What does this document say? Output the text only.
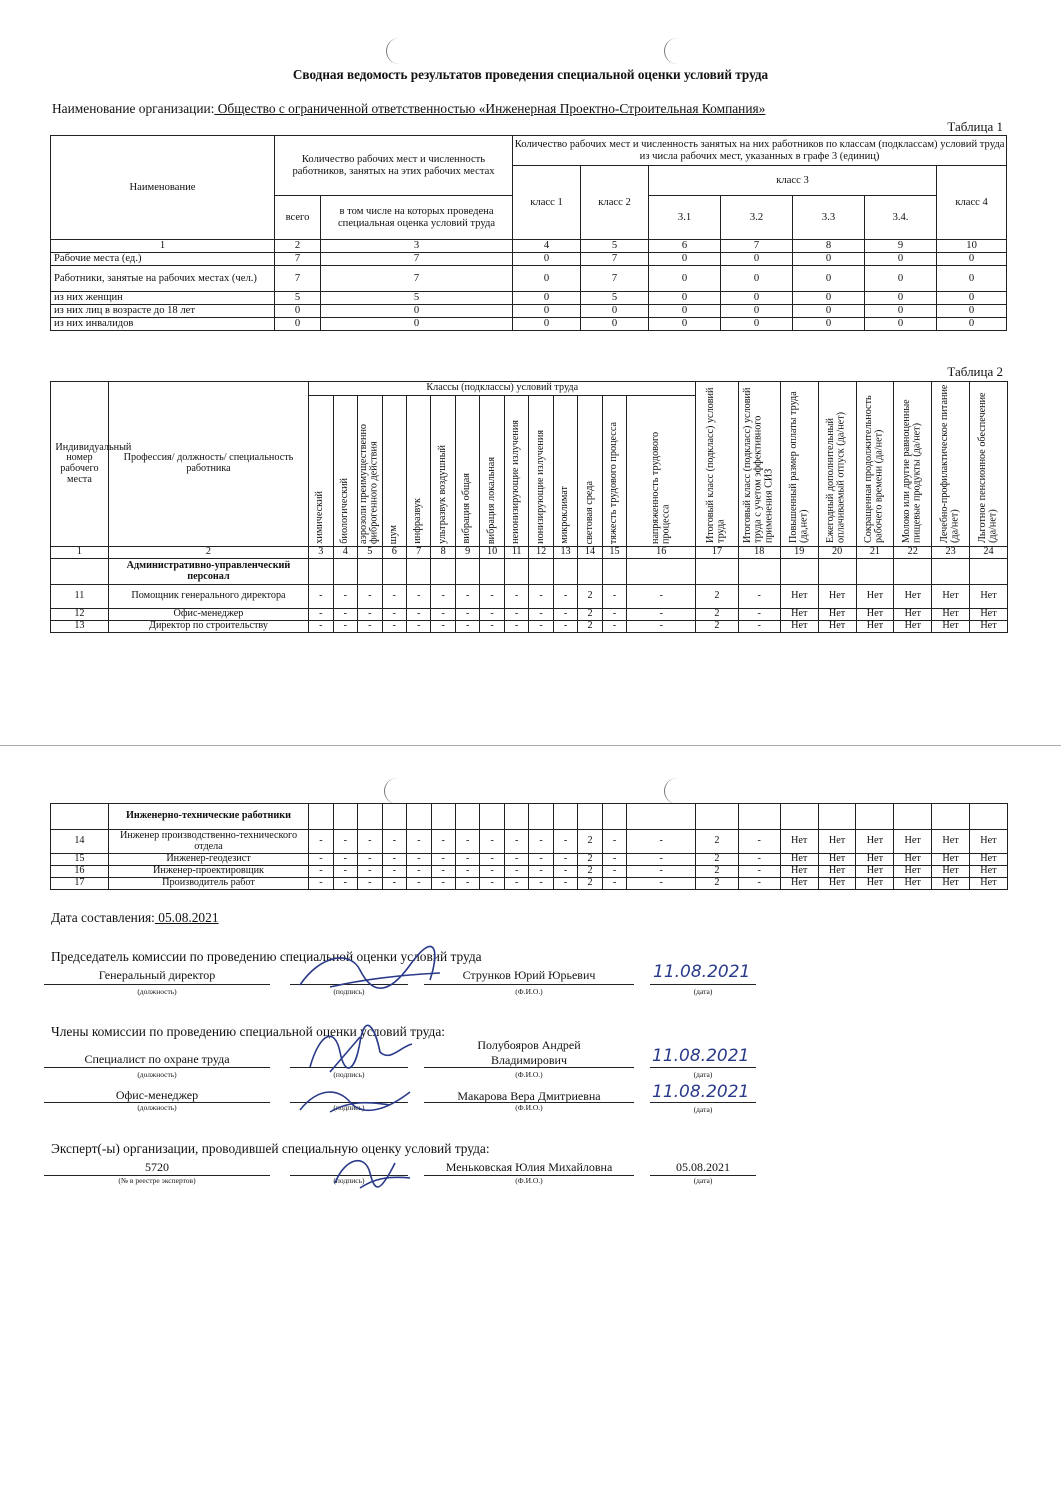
Сводная ведомость результатов проведения специальной оценки условий труда
Наименование организации: Общество с ограниченной ответственностью «Инженерная Проектно-Строительная Компания»
Таблица 1
Наименование	Количество рабочих мест и численность работников, занятых на этих рабочих местах		Количество рабочих мест и численность занятых на них работников по классам (подклассам) условий труда из числа рабочих мест, указанных в графе 3 (единиц)						
			класс 1	класс 2	класс 3				класс 4
	всего	в том числе на которых проведена специальная оценка условий труда			3.1	3.2	3.3	3.4.	
1	2	3	4	5	6	7	8	9	10
Рабочие места (ед.)	7	7	0	7	0	0	0	0	0
Работники, занятые на рабочих местах (чел.)	7	7	0	7	0	0	0	0	0
из них женщин	5	5	0	5	0	0	0	0	0
из них лиц в возрасте до 18 лет	0	0	0	0	0	0	0	0	0
из них инвалидов	0	0	0	0	0	0	0	0	0
Таблица 2
Индивидуальный номер рабочего места	Профессия/ должность/ специальность работника	Классы (подклассы) условий труда														Итоговый класс (подкласс) условий труда	Итоговый класс (подкласс) условий труда с учетом эффективного применения СИЗ	Повышенный размер оплаты труда (да,нет)	Ежегодный дополнительный оплачиваемый отпуск (да/нет)	Сокращенная продолжительность рабочего времени (да/нет)	Молоко или другие равноценные пищевые продукты (да/нет)	Лечебно-профилактическое питание (да/нет)	Льготное пенсионное обеспечение (да/нет)

		химический	биологический	аэрозоли преимущественно фиброгенного действия	шум	инфразвук	ультразвук воздушный	вибрация общая	вибрация локальная	неионизирующие излучения	ионизирующие излучения	микроклимат	световая среда	тяжесть трудового процесса	напряженность трудового процесса								

1	2	3	4	5	6	7	8	9	10	11	12	13	14	15	16	17	18	19	20	21	22	23	24
	Административно-управленческий персонал																						
11	Помощник генерального директора	-	-	-	-	-	-	-	-	-	-	-	2	-	-	2	-	Нет	Нет	Нет	Нет	Нет	Нет
12	Офис-менеджер	-	-	-	-	-	-	-	-	-	-	-	2	-	-	2	-	Нет	Нет	Нет	Нет	Нет	Нет
13	Директор по строительству	-	-	-	-	-	-	-	-	-	-	-	2	-	-	2	-	Нет	Нет	Нет	Нет	Нет	Нет
	Инженерно-технические работники																						
14	Инженер производственно-технического отдела	-	-	-	-	-	-	-	-	-	-	-	2	-	-	2	-	Нет	Нет	Нет	Нет	Нет	Нет
15	Инженер-геодезист	-	-	-	-	-	-	-	-	-	-	-	2	-	-	2	-	Нет	Нет	Нет	Нет	Нет	Нет
16	Инженер-проектировщик	-	-	-	-	-	-	-	-	-	-	-	2	-	-	2	-	Нет	Нет	Нет	Нет	Нет	Нет
17	Производитель работ	-	-	-	-	-	-	-	-	-	-	-	2	-	-	2	-	Нет	Нет	Нет	Нет	Нет	Нет
Дата составления: 05.08.2021
Председатель комиссии по проведению специальной оценки условий труда
Генеральный директор
(должность)	(подпись)
Струнков Юрий Юрьевич
(Ф.И.О.)
11.08.2021
(дата)
Члены комиссии по проведению специальной оценки условий труда:
Специалист по охране труда
(должность)	(подпись)
Полубояров Андрей
Владимирович
(Ф.И.О.)
11.08.2021
(дата)
Офис-менеджер
(должность)	(подпись)
Макарова Вера Дмитриевна
(Ф.И.О.)
11.08.2021
(дата)
Эксперт(-ы) организации, проводившей специальную оценку условий труда:
5720
(№ в реестре экспертов)	(подпись)
Меньковская Юлия Михайловна
(Ф.И.О.)
05.08.2021
(дата)
